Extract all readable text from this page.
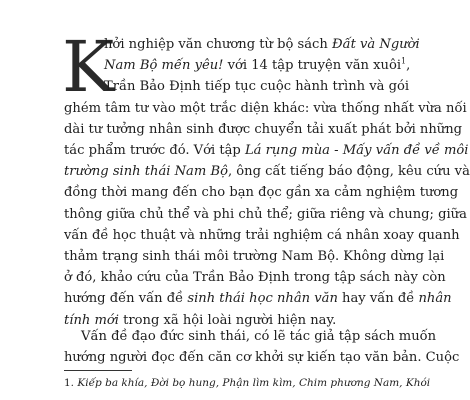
K
hởi nghiệp văn chương từ bộ sách Đất và Người
Nam Bộ mến yêu! với 14 tập truyện văn xuôi$^1$,
Trần Bảo Định tiếp tục cuộc hành trình và gói
ghém tâm tư vào một trắc diện khác: vừa thống nhất vừa nối
dài tư tưởng nhân sinh được chuyển tải xuất phát bởi những
tác phẩm trước đó. Với tập Lá rụng mùa - Mấy vấn đề về môi
trường sinh thái Nam Bộ, ông cất tiếng báo động, kêu cứu và
đồng thời mang đến cho bạn đọc gần xa cảm nghiệm tương
thông giữa chủ thể và phi chủ thể; giữa riêng và chung; giữa
vấn đề học thuật và những trải nghiệm cá nhân xoay quanh
thảm trạng sinh thái môi trường Nam Bộ. Không dừng lại
ở đó, khảo cứu của Trần Bảo Định trong tập sách này còn
hướng đến vấn đề sinh thái học nhân văn hay vấn đề nhân
tính mới trong xã hội loài người hiện nay.
Vấn đề đạo đức sinh thái, có lẽ tác giả tập sách muốn
hướng người đọc đến căn cơ khởi sự kiến tạo văn bản. Cuộc
1. Kiếp ba khía, Đời bọ hung, Phận lìm kìm, Chim phương Nam, Khói
